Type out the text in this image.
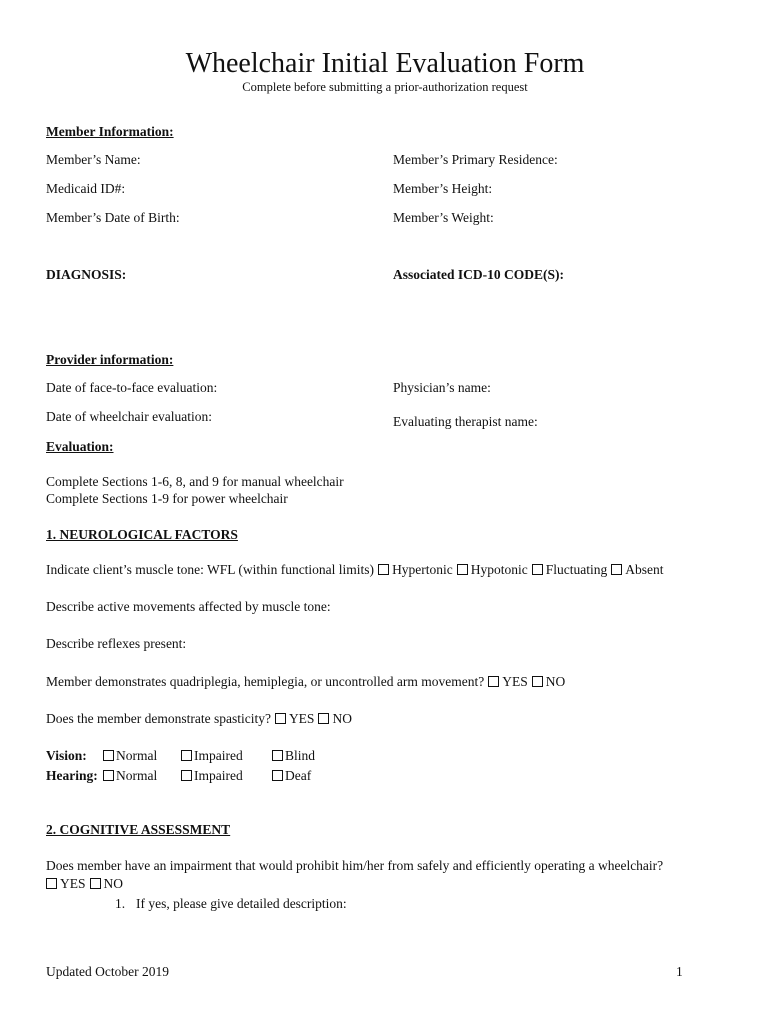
Wheelchair Initial Evaluation Form
Complete before submitting a prior-authorization request
Member Information:
Member’s Name:	Member’s Primary Residence:
Medicaid ID#:	Member’s Height:
Member’s Date of Birth:	Member’s Weight:
DIAGNOSIS:	Associated ICD-10 CODE(S):
Provider information:
Date of face-to-face evaluation:	Physician’s name:
Date of wheelchair evaluation:	Evaluating therapist name:
Evaluation:
Complete Sections 1-6, 8, and 9 for manual wheelchair
Complete Sections 1-9 for power wheelchair
1. NEUROLOGICAL FACTORS
Indicate client’s muscle tone: WFL (within functional limits) Hypertonic Hypotonic Fluctuating Absent
Describe active movements affected by muscle tone:
Describe reflexes present:
Member demonstrates quadriplegia, hemiplegia, or uncontrolled arm movement? YES NO
Does the member demonstrate spasticity? YES NO
Vision:	Normal	Impaired	Blind
Hearing:	Normal	Impaired	Deaf
2. COGNITIVE ASSESSMENT
Does member have an impairment that would prohibit him/her from safely and efficiently operating a wheelchair?
YES NO
1. If yes, please give detailed description:
Updated October 2019	1
